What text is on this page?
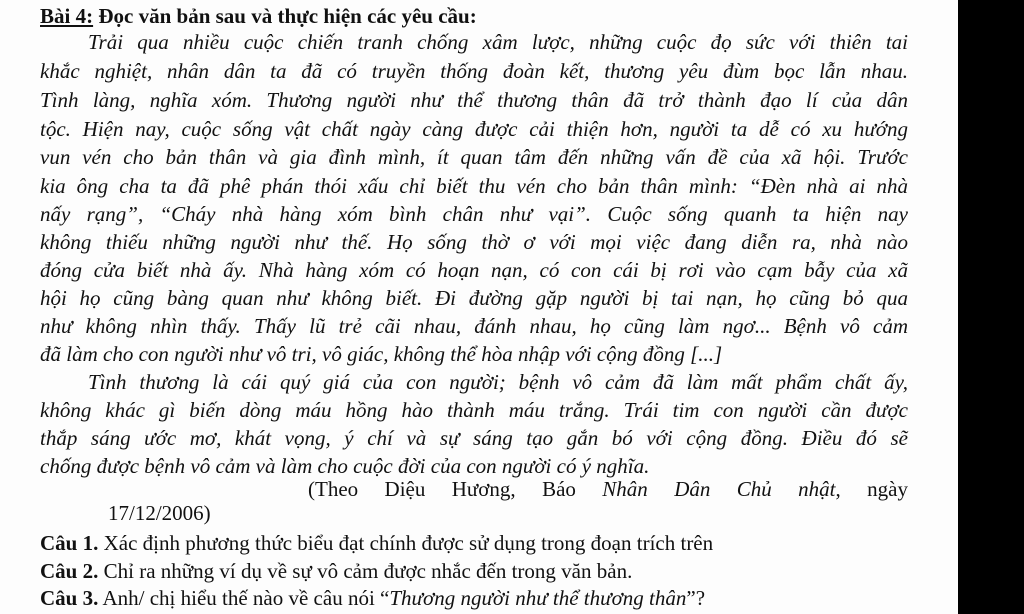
Bài 4: Đọc văn bản sau và thực hiện các yêu cầu:
Trải qua nhiều cuộc chiến tranh chống xâm lược, những cuộc đọ sức với thiên tai
khắc nghiệt, nhân dân ta đã có truyền thống đoàn kết, thương yêu đùm bọc lẫn nhau.
Tình làng, nghĩa xóm. Thương người như thể thương thân đã trở thành đạo lí của dân
tộc. Hiện nay, cuộc sống vật chất ngày càng được cải thiện hơn, người ta dễ có xu hướng
vun vén cho bản thân và gia đình mình, ít quan tâm đến những vấn đề của xã hội. Trước
kia ông cha ta đã phê phán thói xấu chỉ biết thu vén cho bản thân mình: “Đèn nhà ai nhà
nấy rạng”, “Cháy nhà hàng xóm bình chân như vại”. Cuộc sống quanh ta hiện nay
không thiếu những người như thế. Họ sống thờ ơ với mọi việc đang diễn ra, nhà nào
đóng cửa biết nhà ấy. Nhà hàng xóm có hoạn nạn, có con cái bị rơi vào cạm bẫy của xã
hội họ cũng bàng quan như không biết. Đi đường gặp người bị tai nạn, họ cũng bỏ qua
như không nhìn thấy. Thấy lũ trẻ cãi nhau, đánh nhau, họ cũng làm ngơ... Bệnh vô cảm
đã làm cho con người như vô tri, vô giác, không thể hòa nhập với cộng đồng [...]
Tình thương là cái quý giá của con người; bệnh vô cảm đã làm mất phẩm chất ấy,
không khác gì biến dòng máu hồng hào thành máu trắng. Trái tim con người cần được
thắp sáng ước mơ, khát vọng, ý chí và sự sáng tạo gắn bó với cộng đồng. Điều đó sẽ
chống được bệnh vô cảm và làm cho cuộc đời của con người có ý nghĩa.
(Theo Diệu Hương, Báo Nhân Dân Chủ nhật, ngày
17/12/2006)
Câu 1. Xác định phương thức biểu đạt chính được sử dụng trong đoạn trích trên
Câu 2. Chỉ ra những ví dụ về sự vô cảm được nhắc đến trong văn bản.
Câu 3. Anh/ chị hiểu thế nào về câu nói “Thương người như thể thương thân”?
